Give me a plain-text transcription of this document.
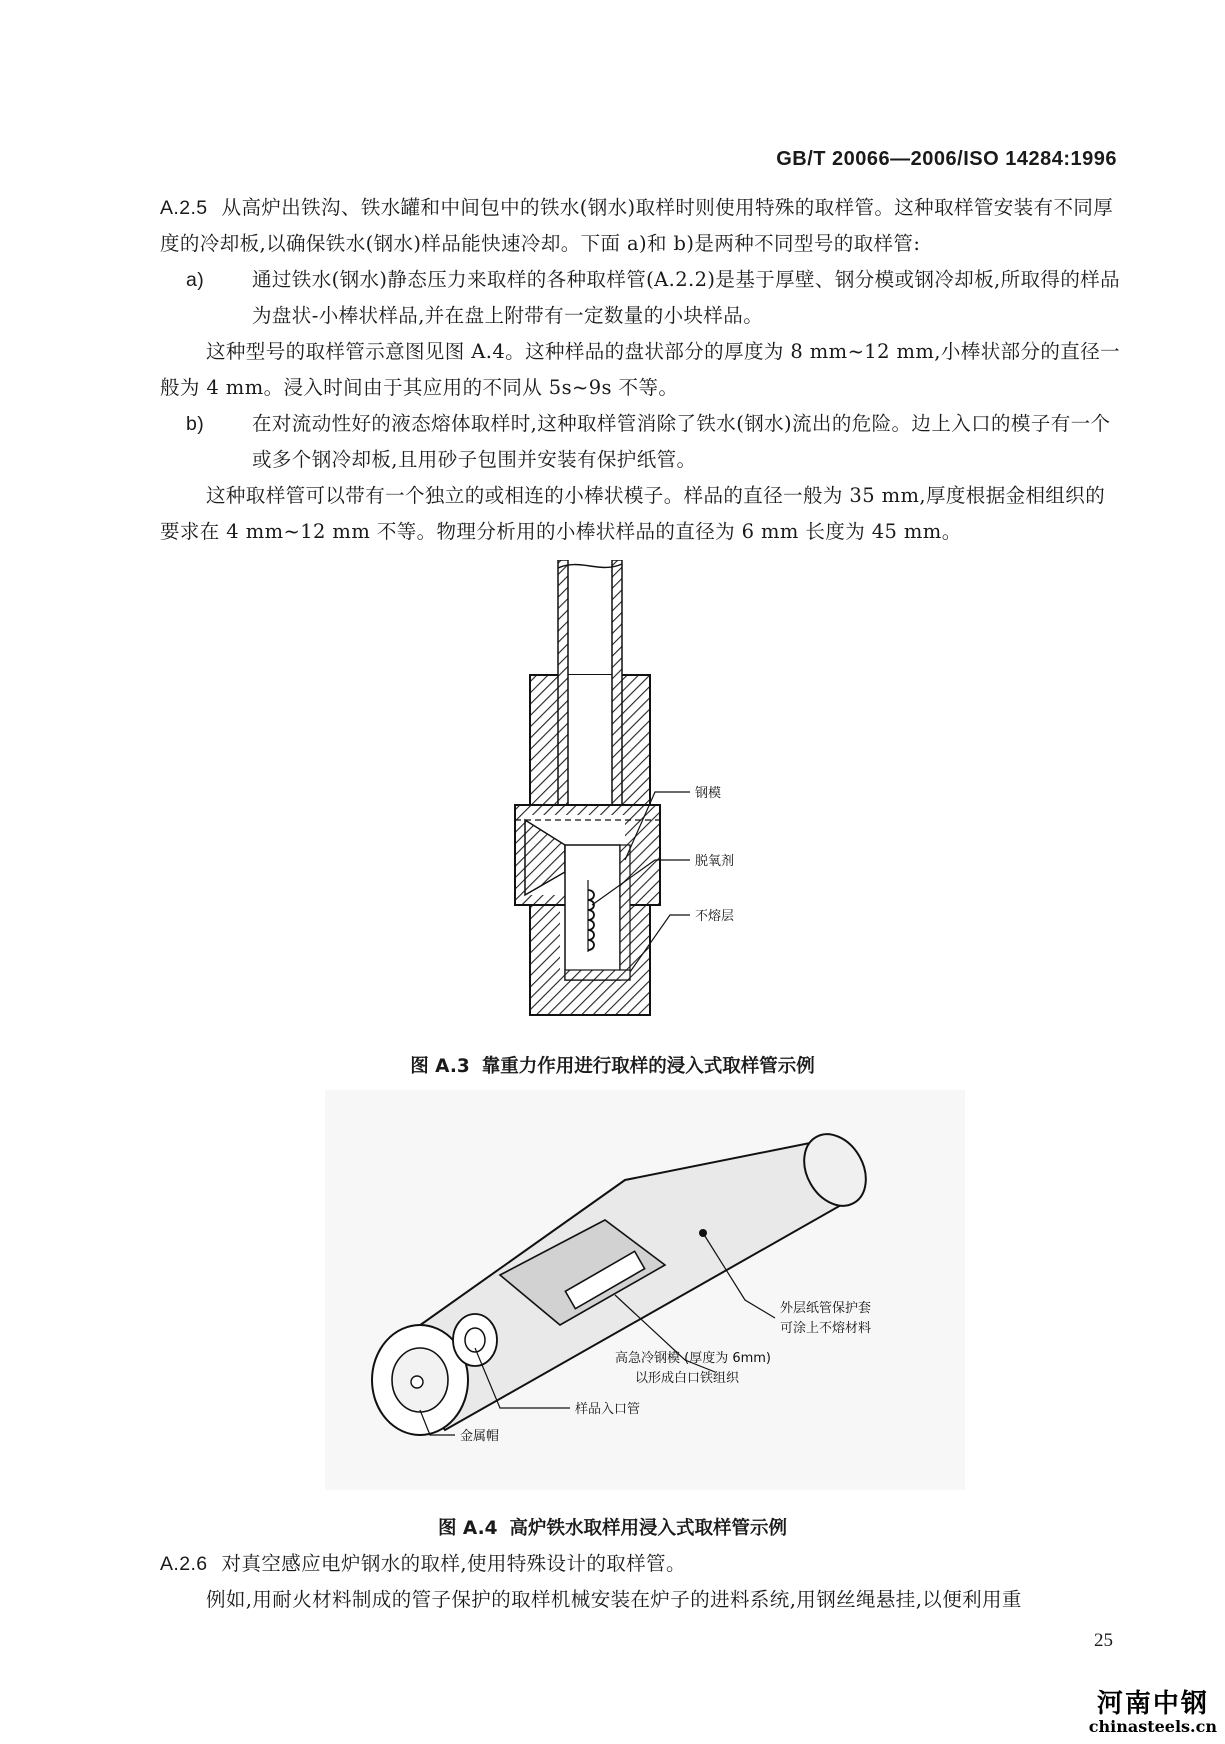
GB/T 20066—2006/ISO 14284:1996
A.2.5 从高炉出铁沟、铁水罐和中间包中的铁水(钢水)取样时则使用特殊的取样管。这种取样管安装有不同厚度的冷却板,以确保铁水(钢水)样品能快速冷却。下面 a)和 b)是两种不同型号的取样管:
a) 通过铁水(钢水)静态压力来取样的各种取样管(A.2.2)是基于厚壁、钢分模或钢冷却板,所取得的样品为盘状-小棒状样品,并在盘上附带有一定数量的小块样品。
这种型号的取样管示意图见图 A.4。这种样品的盘状部分的厚度为 8 mm~12 mm,小棒状部分的直径一般为 4 mm。浸入时间由于其应用的不同从 5s~9s 不等。
b) 在对流动性好的液态熔体取样时,这种取样管消除了铁水(钢水)流出的危险。边上入口的模子有一个或多个钢冷却板,且用砂子包围并安装有保护纸管。
这种取样管可以带有一个独立的或相连的小棒状模子。样品的直径一般为 35 mm,厚度根据金相组织的要求在 4 mm~12 mm 不等。物理分析用的小棒状样品的直径为 6 mm 长度为 45 mm。
钢模
脱氧剂
不熔层
图 A.3 靠重力作用进行取样的浸入式取样管示例
外层纸管保护套
可涂上不熔材料
高急冷钢模 (厚度为 6mm)
以形成白口铁组织
样品入口管
金属帽
图 A.4 高炉铁水取样用浸入式取样管示例
A.2.6 对真空感应电炉钢水的取样,使用特殊设计的取样管。
例如,用耐火材料制成的管子保护的取样机械安装在炉子的进料系统,用钢丝绳悬挂,以便利用重
25
河南中钢
chinasteels.cn
